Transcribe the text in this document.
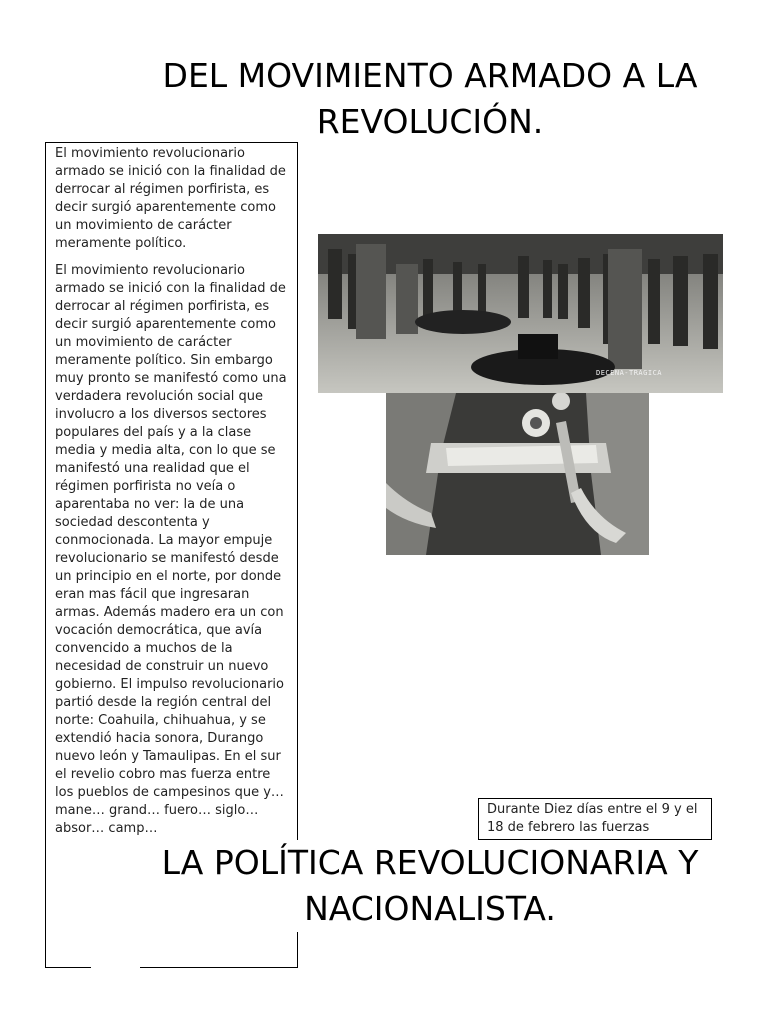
DEL MOVIMIENTO ARMADO A LA
REVOLUCIÓN.

El movimiento revolucionario armado se inició con la finalidad de derrocar al régimen porfirista, es decir surgió aparentemente como un movimiento de carácter meramente político.

El movimiento revolucionario armado se inició con la finalidad de derrocar al régimen porfirista, es decir surgió aparentemente como un movimiento de carácter meramente político. Sin embargo muy pronto se manifestó como una verdadera revolución social que involucro a los diversos sectores populares del país y a la clase media y media alta, con lo que se manifestó una realidad que el régimen porfirista no veía o aparentaba no ver: la de una sociedad descontenta y conmocionada. La mayor empuje revolucionario se manifestó desde un principio en el norte, por donde eran mas fácil que ingresaran armas. Además madero era un con vocación democrática, que avía convencido a muchos de la necesidad de construir un nuevo gobierno. El impulso revolucionario partió desde la región central del norte: Coahuila, chihuahua, y se extendió hacia sonora, Durango nuevo león y Tamaulipas. En el sur el revelio cobro mas fuerza entre los pueblos de campesinos que y… mane… grand… fuero… siglo… absor… camp…

DECENA-TRAGICA
Durante Diez días entre el 9 y el 18 de febrero las fuerzas
LA POLÍTICA REVOLUCIONARIA Y
NACIONALISTA.
